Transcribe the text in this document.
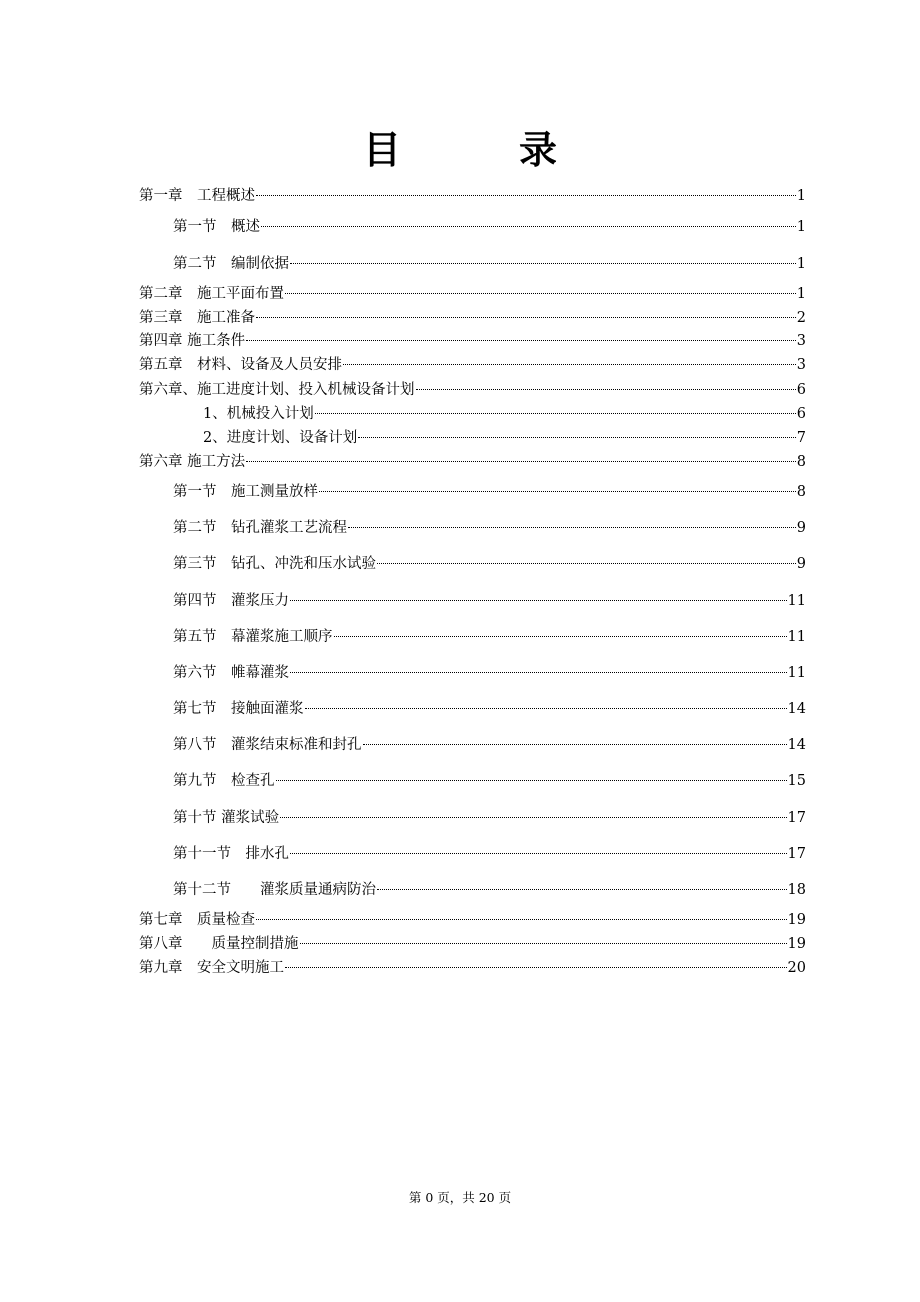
目　录
第一章　工程概述	1
第一节　概述	1
第二节　编制依据	1
第二章　施工平面布置	1
第三章　施工准备	2
第四章 施工条件	3
第五章　材料、设备及人员安排	3
第六章、施工进度计划、投入机械设备计划	6
1、机械投入计划	6
2、进度计划、设备计划	7
第六章 施工方法	8
第一节　施工测量放样	8
第二节　钻孔灌浆工艺流程	9
第三节　钻孔、冲洗和压水试验	9
第四节　灌浆压力	11
第五节　幕灌浆施工顺序	11
第六节　帷幕灌浆	11
第七节　接触面灌浆	14
第八节　灌浆结束标准和封孔	14
第九节　检查孔	15
第十节 灌浆试验	17
第十一节　排水孔	17
第十二节　　灌浆质量通病防治	18
第七章　质量检查	19
第八章　　质量控制措施	19
第九章　安全文明施工	20
第 0 页，共 20 页
